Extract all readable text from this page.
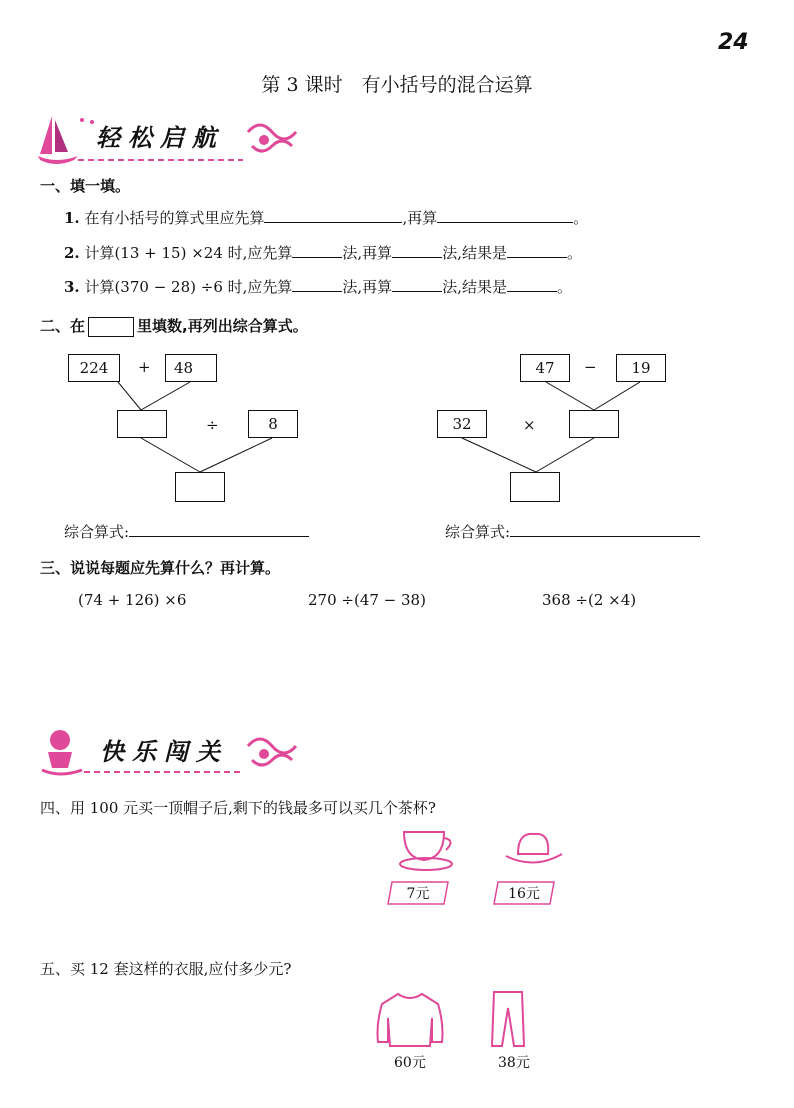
24
第 3 课时　有小括号的混合运算
轻松启航
一、填一填。
1. 在有小括号的算式里应先算	,再算	。
2. 计算(13 + 15) ×24 时,应先算	法,再算	法,结果是	。
3. 计算(370 − 28) ÷6 时,应先算	法,再算	法,结果是	。
二、在	里填数,再列出综合算式。
224	+	48
÷	8
综合算式:
47	−	19
32	×
综合算式:
三、说说每题应先算什么？再计算。
(74 + 126) ×6	270 ÷(47 − 38)	368 ÷(2 ×4)
快乐闯关
四、用 100 元买一顶帽子后,剩下的钱最多可以买几个茶杯?
7元	16元
五、买 12 套这样的衣服,应付多少元?
60元	38元
